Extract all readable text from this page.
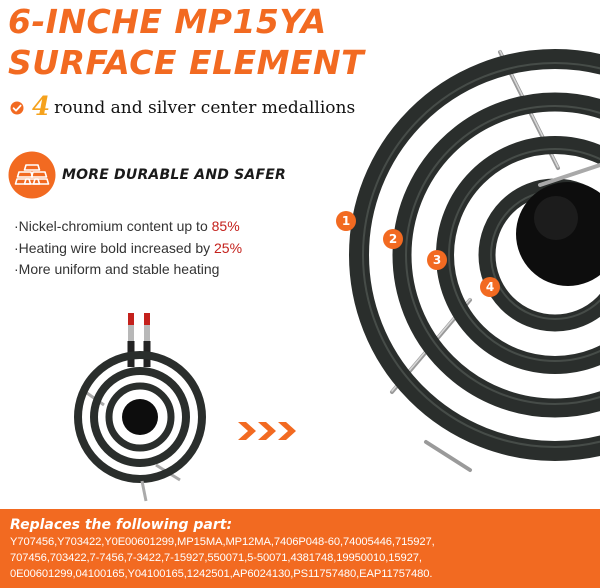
6-INCHE MP15YA
SURFACE ELEMENT
4 round and silver center medallions
MORE DURABLE AND SAFER
·Nickel-chromium content up to 85%
·Heating wire bold increased by 25%
·More uniform and stable heating
1
2
3
4
Replaces the following part:
Y707456,Y703422,Y0E00601299,MP15MA,MP12MA,7406P048-60,74005446,715927,
707456,703422,7-7456,7-3422,7-15927,550071,5-50071,4381748,19950010,15927,
0E00601299,04100165,Y04100165,1242501,AP6024130,PS11757480,EAP11757480.
